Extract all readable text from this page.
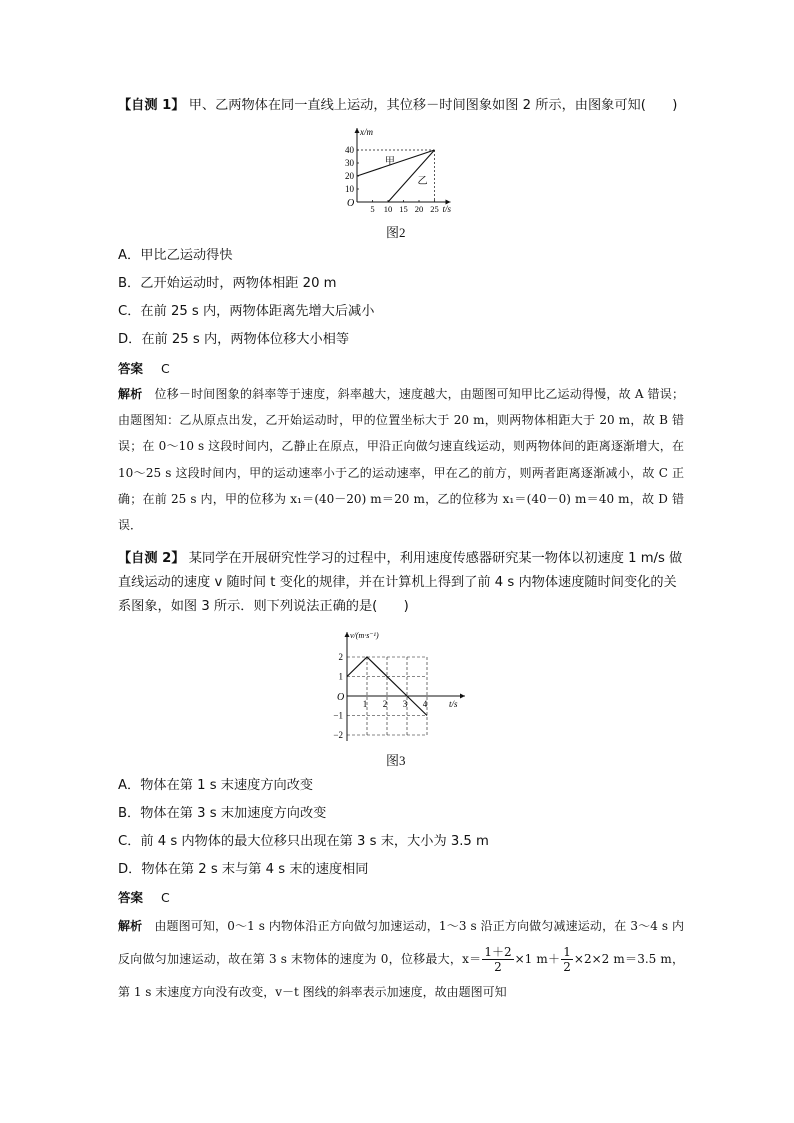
【自测 1】 甲、乙两物体在同一直线上运动，其位移－时间图象如图 2 所示，由图象可知(　　)
x/m
t/s
O
10
20
30
40
5 10 15 20 25
甲
乙
图2
A．甲比乙运动得快
B．乙开始运动时，两物体相距 20 m
C．在前 25 s 内，两物体距离先增大后减小
D．在前 25 s 内，两物体位移大小相等
答案 C
解析 位移－时间图象的斜率等于速度，斜率越大，速度越大，由题图可知甲比乙运动得慢，故 A 错误；由题图知：乙从原点出发，乙开始运动时，甲的位置坐标大于 20 m，则两物体相距大于 20 m，故 B 错误；在 0～10 s 这段时间内，乙静止在原点，甲沿正向做匀速直线运动，则两物体间的距离逐渐增大，在 10～25 s 这段时间内，甲的运动速率小于乙的运动速率，甲在乙的前方，则两者距离逐渐减小，故 C 正确；在前 25 s 内，甲的位移为 x₁＝(40－20) m＝20 m，乙的位移为 x₁＝(40－0) m＝40 m，故 D 错误．
【自测 2】 某同学在开展研究性学习的过程中，利用速度传感器研究某一物体以初速度 1 m/s 做直线运动的速度 v 随时间 t 变化的规律，并在计算机上得到了前 4 s 内物体速度随时间变化的关系图象，如图 3 所示．则下列说法正确的是(　　)
v/(m·s⁻¹)
t/s
O
2
1
−1
−2
1 2 3 4
图3
A．物体在第 1 s 末速度方向改变
B．物体在第 3 s 末加速度方向改变
C．前 4 s 内物体的最大位移只出现在第 3 s 末，大小为 3.5 m
D．物体在第 2 s 末与第 4 s 末的速度相同
答案 C
解析 由题图可知，0～1 s 内物体沿正方向做匀加速运动，1～3 s 沿正方向做匀减速运动，在 3～4 s 内反向做匀加速运动，故在第 3 s 末物体的速度为 0，位移最大，$x= \frac{1+2}{2} \times 1$ $m+ \frac{1}{2} \times 2\times 2$ m＝3.5 m，第 1 s 末速度方向没有改变，v－t 图线的斜率表示加速度，故由题图可知
